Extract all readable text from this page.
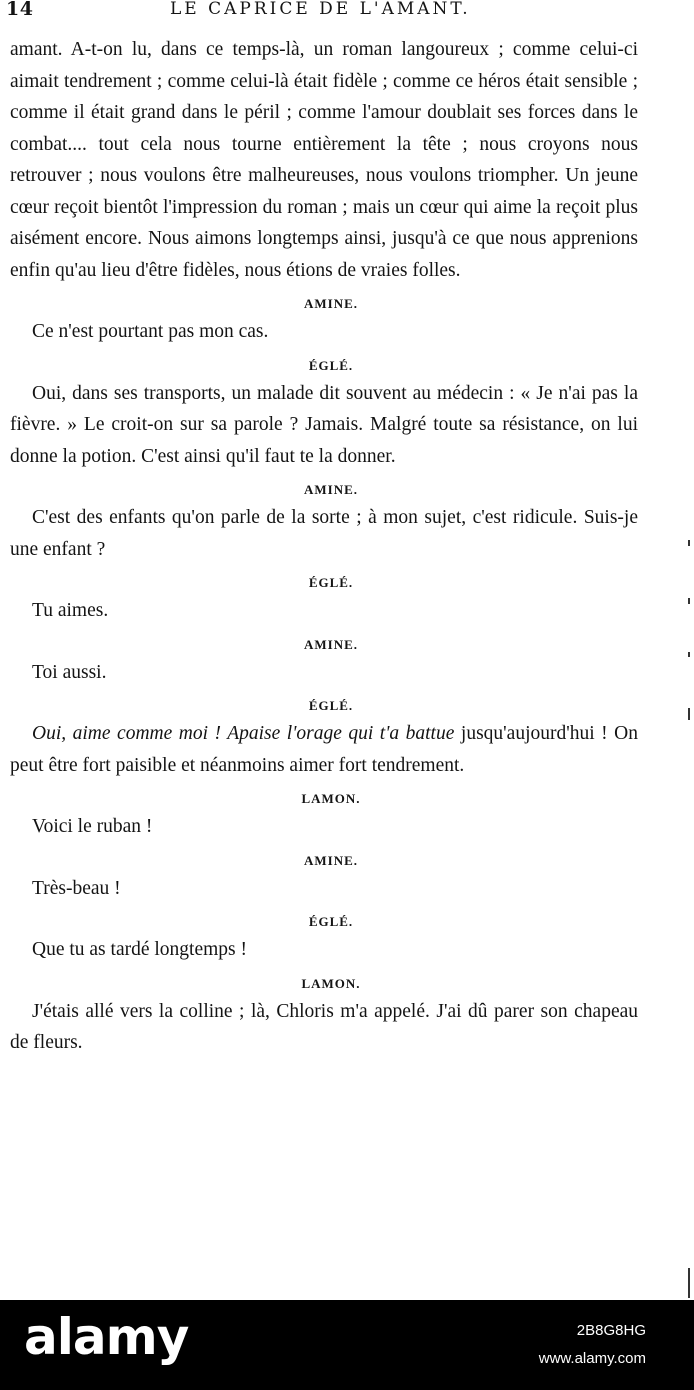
14	LE CAPRICE DE L'AMANT.

amant. A-t-on lu, dans ce temps-là, un roman langoureux ; comme celui-ci aimait tendrement ; comme celui-là était fidèle ; comme ce héros était sensible ; comme il était grand dans le péril ; comme l'amour doublait ses forces dans le combat.... tout cela nous tourne entièrement la tête ; nous croyons nous retrouver ; nous voulons être malheureuses, nous voulons triompher. Un jeune cœur reçoit bientôt l'impression du roman ; mais un cœur qui aime la reçoit plus aisément encore. Nous aimons longtemps ainsi, jusqu'à ce que nous apprenions enfin qu'au lieu d'être fidèles, nous étions de vraies folles.

AMINE.

Ce n'est pourtant pas mon cas.

ÉGLÉ.

Oui, dans ses transports, un malade dit souvent au médecin : « Je n'ai pas la fièvre. » Le croit-on sur sa parole ? Jamais. Malgré toute sa résistance, on lui donne la potion. C'est ainsi qu'il faut te la donner.

AMINE.

C'est des enfants qu'on parle de la sorte ; à mon sujet, c'est ridicule. Suis-je une enfant ?

ÉGLÉ.

Tu aimes.

AMINE.

Toi aussi.

ÉGLÉ.

Oui, aime comme moi ! Apaise l'orage qui t'a battue jusqu'aujourd'hui ! On peut être fort paisible et néanmoins aimer fort tendrement.

LAMON.

Voici le ruban !

AMINE.

Très-beau !

ÉGLÉ.

Que tu as tardé longtemps !

LAMON.

J'étais allé vers la colline ; là, Chloris m'a appelé. J'ai dû parer son chapeau de fleurs.

alamy	2B8G8HG
www.alamy.com
